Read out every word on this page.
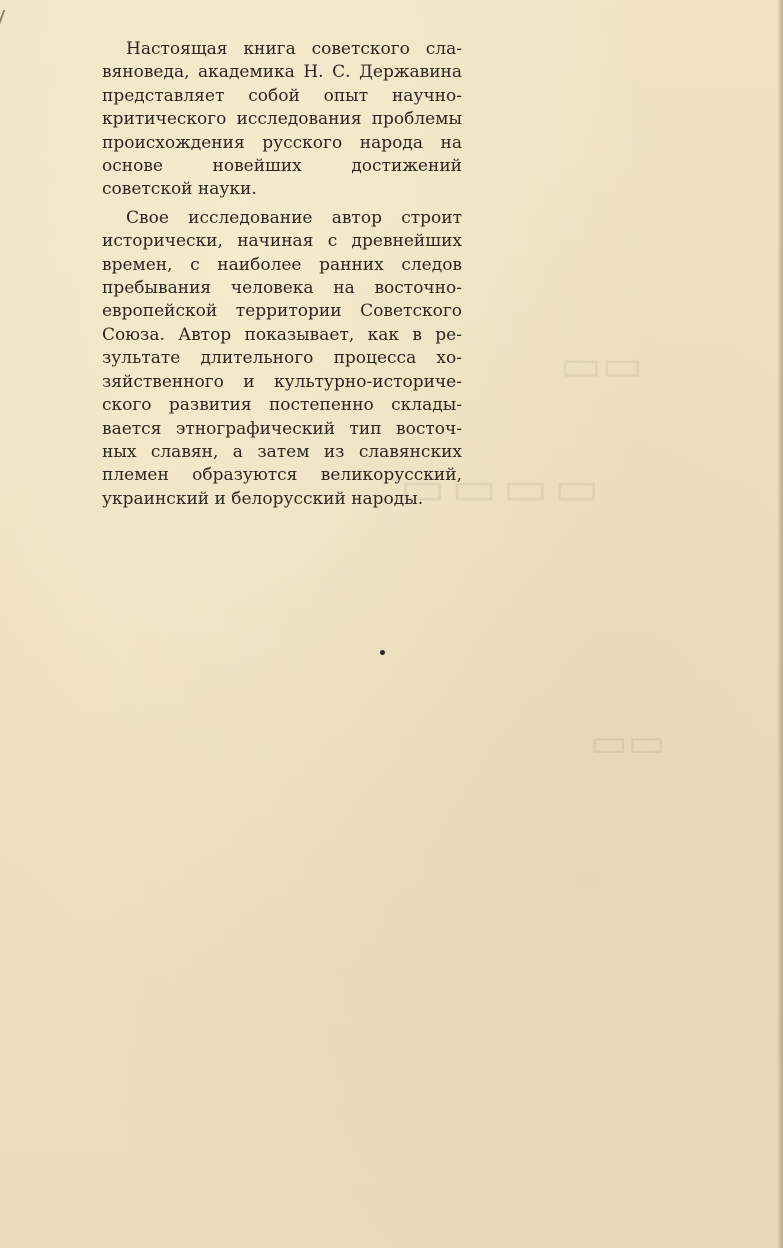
▭▭▭▭
▭▭
▭▭

Настоящая книга советского славяноведа, академика Н. С. Державина представляет собой опыт научно-критического исследования проблемы происхождения русского народа на основе новейших достижений советской науки.

Свое исследование автор строит исторически, начиная с древнейших времен, с наиболее ранних следов пребывания человека на восточноевропейской территории Советского Союза. Автор показывает, как в результате длительного процесса хозяйственного и культурно-исторического развития постепенно складывается этнографический тип восточных славян, а затем из славянских племен образуются великорусский, украинский и белорусский народы.
